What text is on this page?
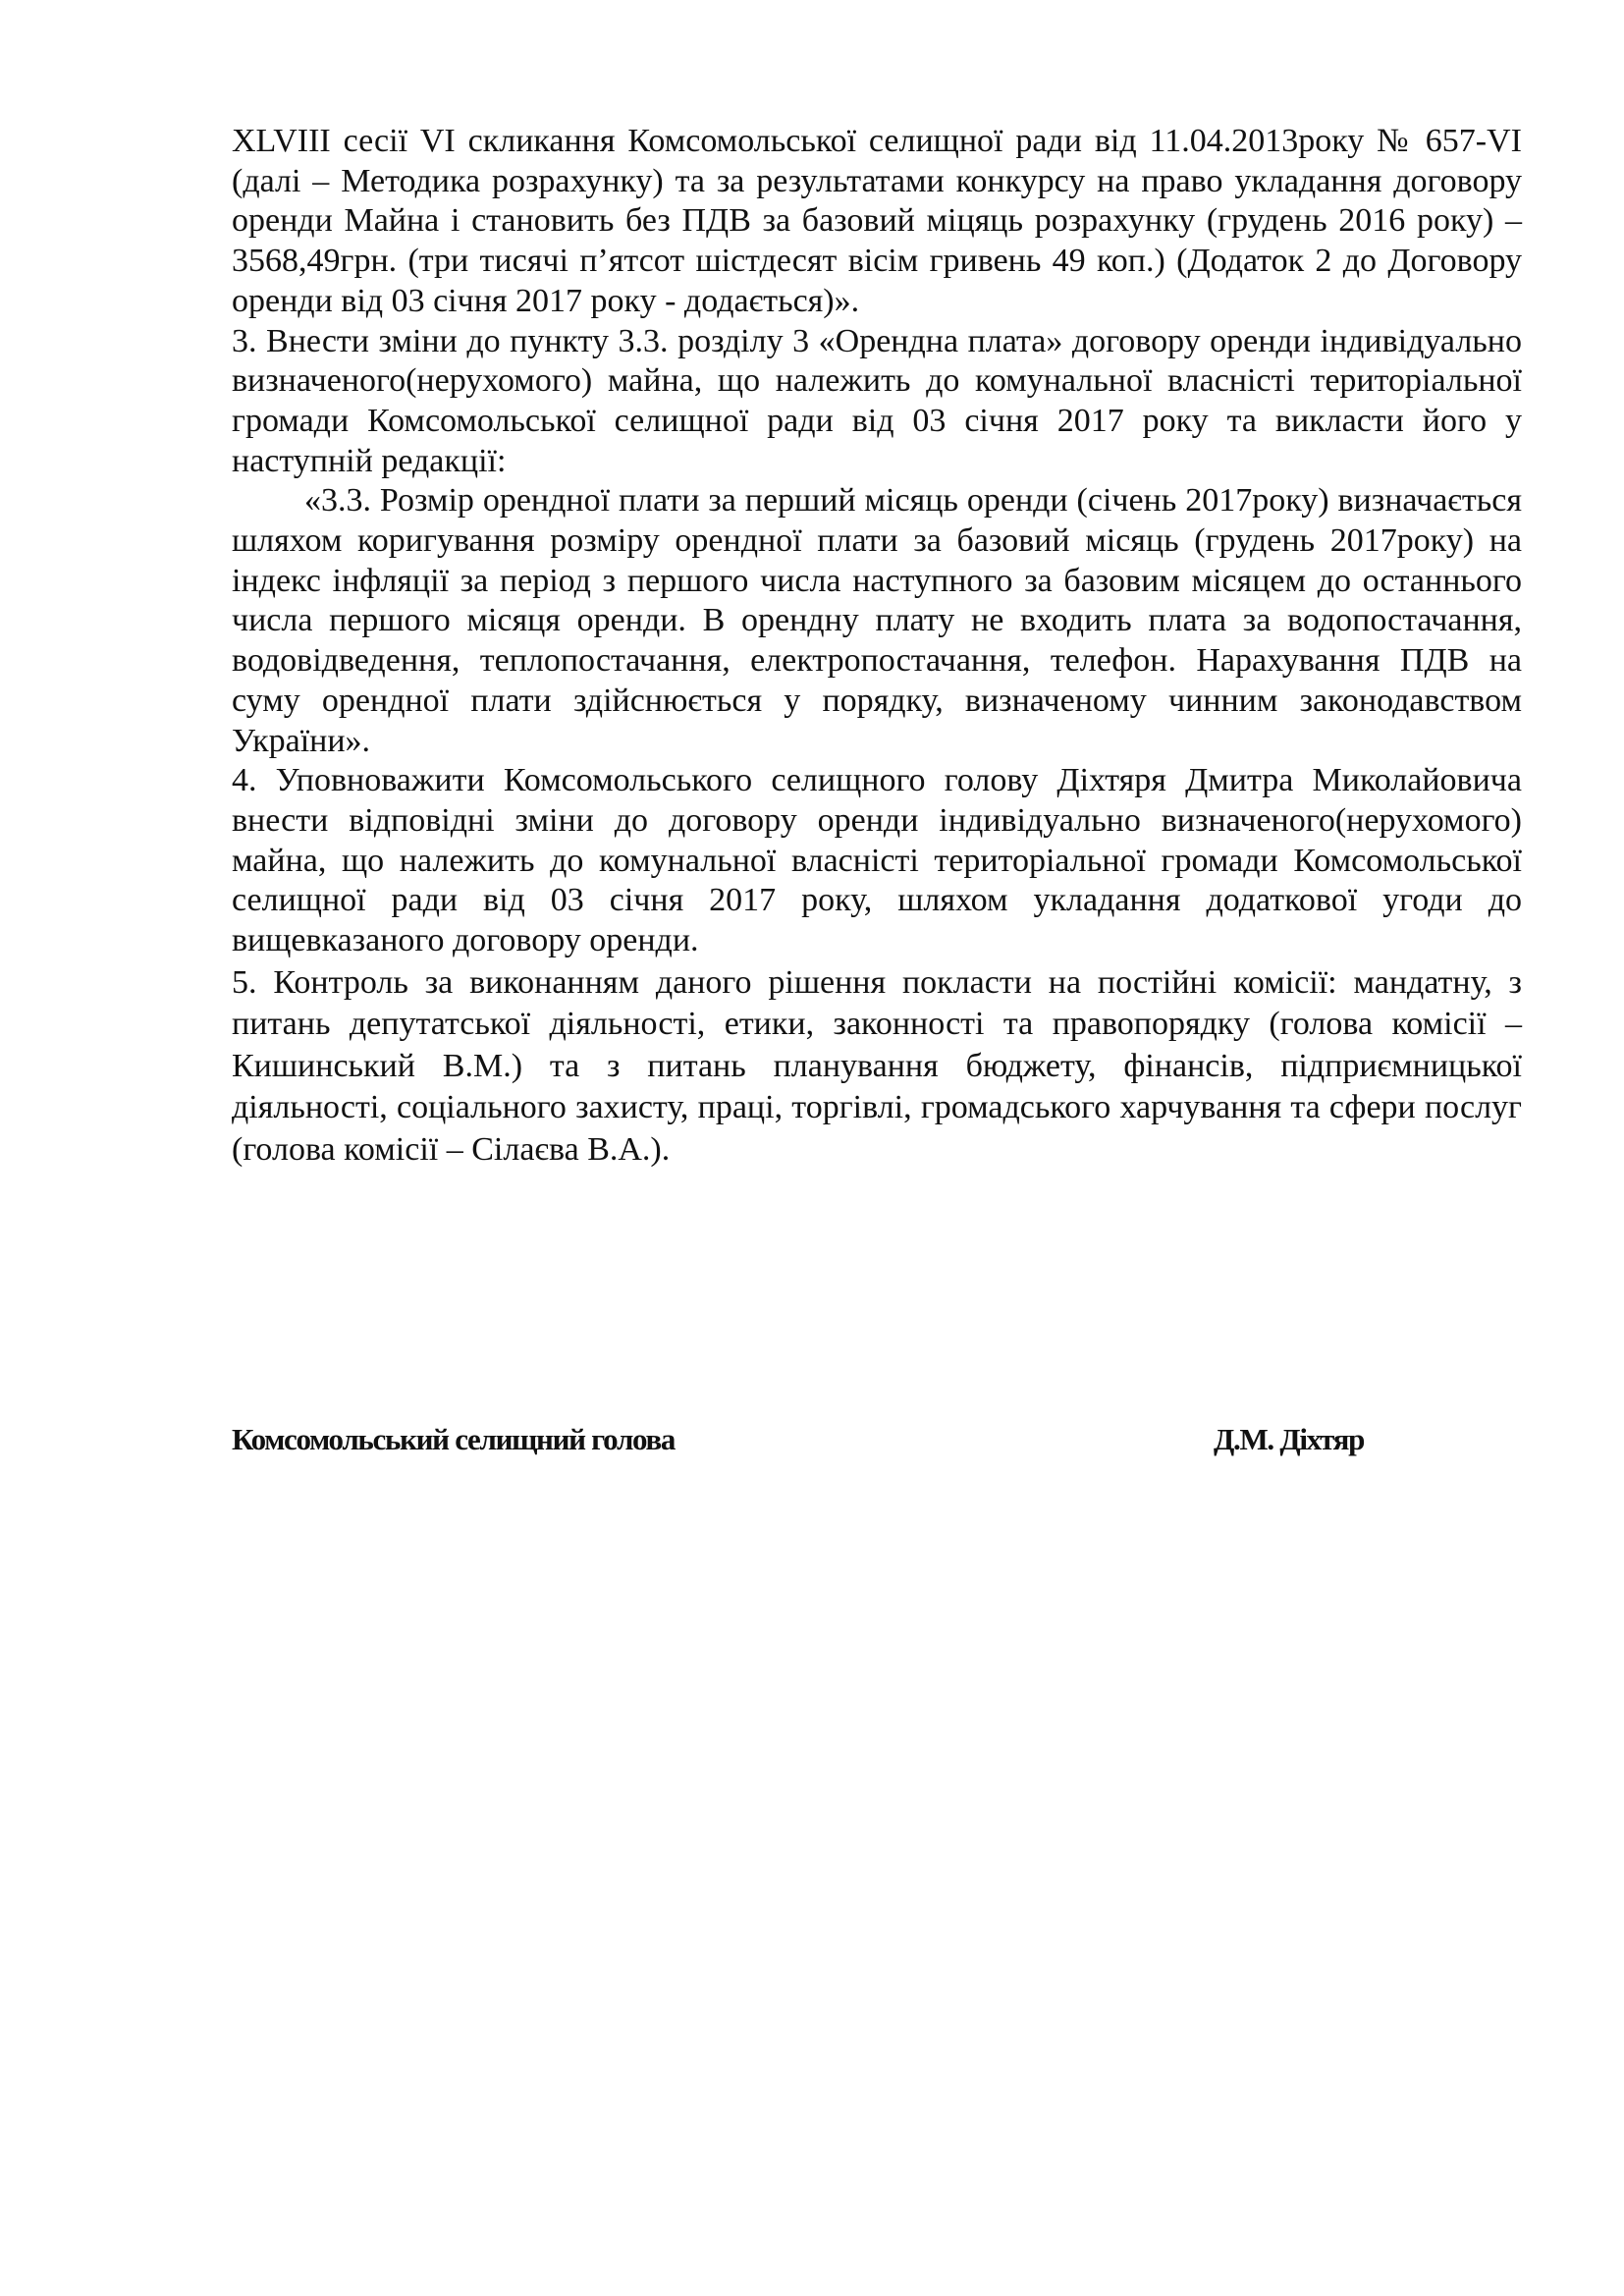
XLVIII сесії VI скликання Комсомольської селищної ради від 11.04.2013року № 657-VI (далі – Методика розрахунку) та за результатами конкурсу на право укладання договору оренди Майна і становить без ПДВ за базовий міцяць розрахунку (грудень 2016 року) – 3568,49грн. (три тисячі п’ятсот шістдесят вісім гривень 49 коп.) (Додаток 2 до Договору оренди від 03 січня 2017 року - додається)».

3. Внести зміни до пункту 3.3. розділу 3 «Орендна плата» договору оренди індивідуально визначеного(нерухомого) майна, що належить до комунальної власністі територіальної громади Комсомольської селищної ради від 03 січня 2017 року та викласти його у наступній редакції:

«3.3. Розмір орендної плати за перший місяць оренди (січень 2017року) визначається шляхом коригування розміру орендної плати за базовий місяць (грудень 2017року) на індекс інфляції за період з першого числа наступного за базовим місяцем до останнього числа першого місяця оренди. В орендну плату не входить плата за водопостачання, водовідведення, теплопостачання, електропостачання, телефон. Нарахування ПДВ на суму орендної плати здійснюється у порядку, визначеному чинним законодавством України».

4. Уповноважити Комсомольського селищного голову Діхтяря Дмитра Миколайовича внести відповідні зміни до договору оренди індивідуально визначеного(нерухомого) майна, що належить до комунальної власністі територіальної громади Комсомольської селищної ради від 03 січня 2017 року, шляхом укладання додаткової угоди до вищевказаного договору оренди.

5. Контроль за виконанням даного рішення покласти на постійні комісії: мандатну, з питань депутатської діяльності, етики, законності та правопорядку (голова комісії – Кишинський В.М.) та з питань планування бюджету, фінансів, підприємницької діяльності, соціального захисту, праці, торгівлі, громадського харчування та сфери послуг (голова комісії – Сілаєва В.А.).

Комсомольський селищний голова	Д.М. Діхтяр
